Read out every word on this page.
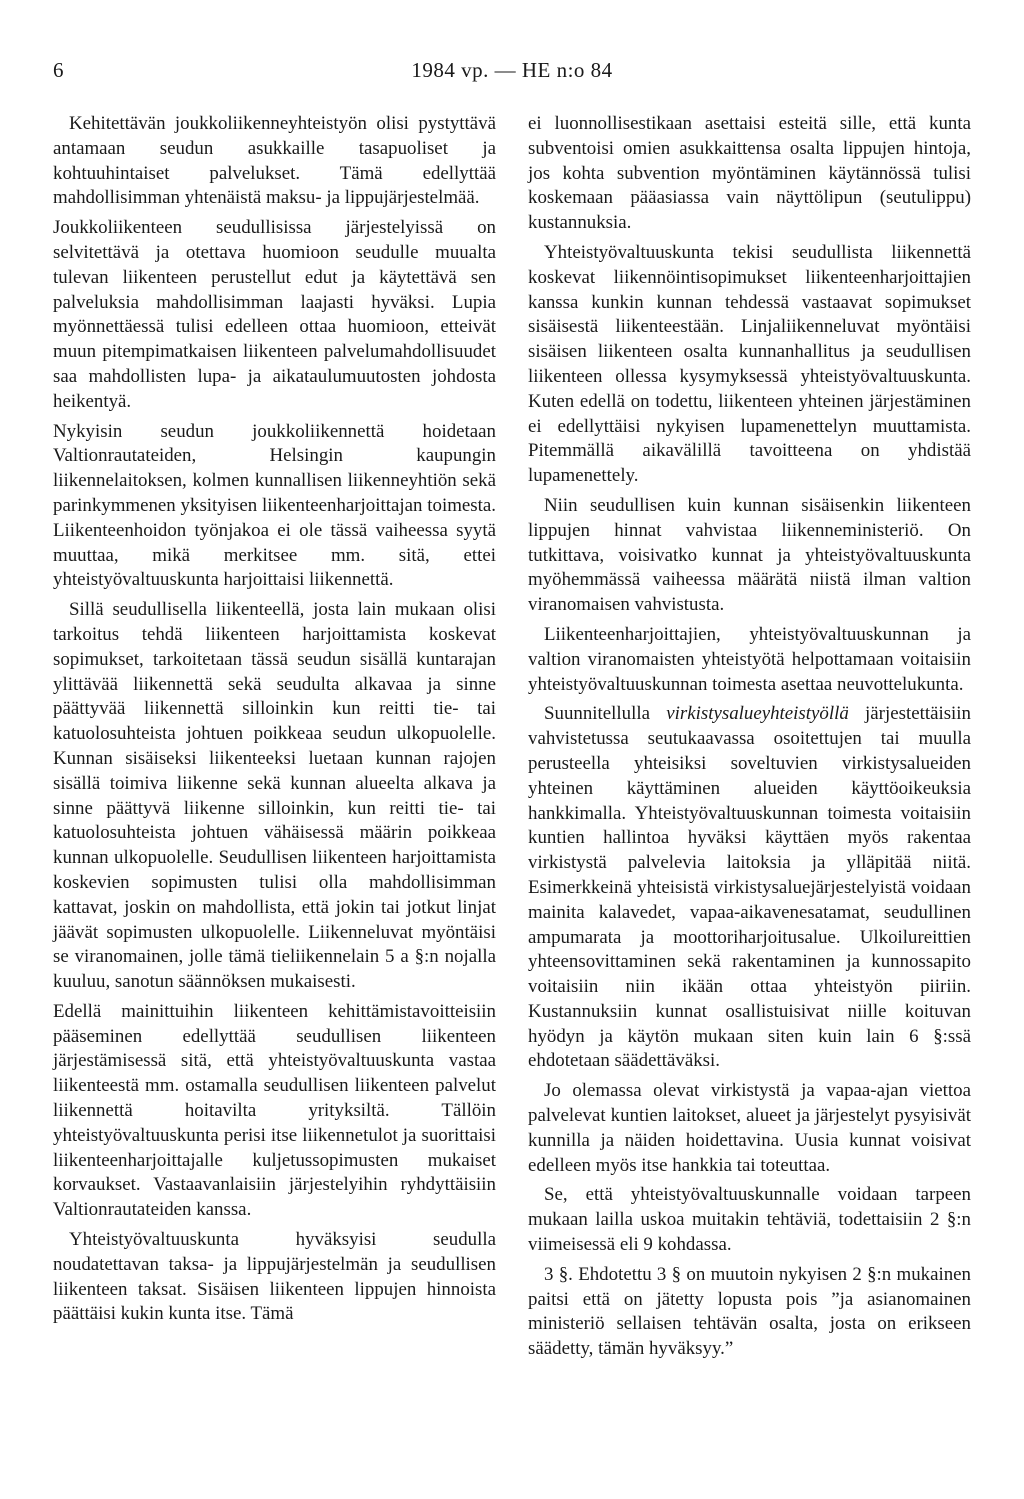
6	1984 vp. — HE n:o 84

Kehitettävän joukkoliikenneyhteistyön olisi pystyttävä antamaan seudun asukkaille tasapuoliset ja kohtuuhintaiset palvelukset. Tämä edellyttää mahdollisimman yhtenäistä maksu- ja lippujärjestelmää.

Joukkoliikenteen seudullisissa järjestelyissä on selvitettävä ja otettava huomioon seudulle muualta tulevan liikenteen perustellut edut ja käytettävä sen palveluksia mahdollisimman laajasti hyväksi. Lupia myönnettäessä tulisi edelleen ottaa huomioon, etteivät muun pitempimatkaisen liikenteen palvelumahdollisuudet saa mahdollisten lupa- ja aikataulumuutosten johdosta heikentyä.

Nykyisin seudun joukkoliikennettä hoidetaan Valtionrautateiden, Helsingin kaupungin liikennelaitoksen, kolmen kunnallisen liikenneyhtiön sekä parinkymmenen yksityisen liikenteenharjoittajan toimesta. Liikenteenhoidon työnjakoa ei ole tässä vaiheessa syytä muuttaa, mikä merkitsee mm. sitä, ettei yhteistyövaltuuskunta harjoittaisi liikennettä.

Sillä seudullisella liikenteellä, josta lain mukaan olisi tarkoitus tehdä liikenteen harjoittamista koskevat sopimukset, tarkoitetaan tässä seudun sisällä kuntarajan ylittävää liikennettä sekä seudulta alkavaa ja sinne päättyvää liikennettä silloinkin kun reitti tie- tai katuolosuhteista johtuen poikkeaa seudun ulkopuolelle. Kunnan sisäiseksi liikenteeksi luetaan kunnan rajojen sisällä toimiva liikenne sekä kunnan alueelta alkava ja sinne päättyvä liikenne silloinkin, kun reitti tie- tai katuolosuhteista johtuen vähäisessä määrin poikkeaa kunnan ulkopuolelle. Seudullisen liikenteen harjoittamista koskevien sopimusten tulisi olla mahdollisimman kattavat, joskin on mahdollista, että jokin tai jotkut linjat jäävät sopimusten ulkopuolelle. Liikenneluvat myöntäisi se viranomainen, jolle tämä tieliikennelain 5 a §:n nojalla kuuluu, sanotun säännöksen mukaisesti.

Edellä mainittuihin liikenteen kehittämistavoitteisiin pääseminen edellyttää seudullisen liikenteen järjestämisessä sitä, että yhteistyövaltuuskunta vastaa liikenteestä mm. ostamalla seudullisen liikenteen palvelut liikennettä hoitavilta yrityksiltä. Tällöin yhteistyövaltuuskunta perisi itse liikennetulot ja suorittaisi liikenteenharjoittajalle kuljetussopimusten mukaiset korvaukset. Vastaavanlaisiin järjestelyihin ryhdyttäisiin Valtionrautateiden kanssa.

Yhteistyövaltuuskunta hyväksyisi seudulla noudatettavan taksa- ja lippujärjestelmän ja seudullisen liikenteen taksat. Sisäisen liikenteen lippujen hinnoista päättäisi kukin kunta itse. Tämä

ei luonnollisestikaan asettaisi esteitä sille, että kunta subventoisi omien asukkaittensa osalta lippujen hintoja, jos kohta subvention myöntäminen käytännössä tulisi koskemaan pääasiassa vain näyttölipun (seutulippu) kustannuksia.

Yhteistyövaltuuskunta tekisi seudullista liikennettä koskevat liikennöintisopimukset liikenteenharjoittajien kanssa kunkin kunnan tehdessä vastaavat sopimukset sisäisestä liikenteestään. Linjaliikenneluvat myöntäisi sisäisen liikenteen osalta kunnanhallitus ja seudullisen liikenteen ollessa kysymyksessä yhteistyövaltuuskunta. Kuten edellä on todettu, liikenteen yhteinen järjestäminen ei edellyttäisi nykyisen lupamenettelyn muuttamista. Pitemmällä aikavälillä tavoitteena on yhdistää lupamenettely.

Niin seudullisen kuin kunnan sisäisenkin liikenteen lippujen hinnat vahvistaa liikenneministeriö. On tutkittava, voisivatko kunnat ja yhteistyövaltuuskunta myöhemmässä vaiheessa määrätä niistä ilman valtion viranomaisen vahvistusta.

Liikenteenharjoittajien, yhteistyövaltuuskunnan ja valtion viranomaisten yhteistyötä helpottamaan voitaisiin yhteistyövaltuuskunnan toimesta asettaa neuvottelukunta.

Suunnitellulla virkistysalueyhteistyöllä järjestettäisiin vahvistetussa seutukaavassa osoitettujen tai muulla perusteella yhteisiksi soveltuvien virkistysalueiden yhteinen käyttäminen alueiden käyttöoikeuksia hankkimalla. Yhteistyövaltuuskunnan toimesta voitaisiin kuntien hallintoa hyväksi käyttäen myös rakentaa virkistystä palvelevia laitoksia ja ylläpitää niitä. Esimerkkeinä yhteisistä virkistysaluejärjestelyistä voidaan mainita kalavedet, vapaa-aikavenesatamat, seudullinen ampumarata ja moottoriharjoitusalue. Ulkoilureittien yhteensovittaminen sekä rakentaminen ja kunnossapito voitaisiin niin ikään ottaa yhteistyön piiriin. Kustannuksiin kunnat osallistuisivat niille koituvan hyödyn ja käytön mukaan siten kuin lain 6 §:ssä ehdotetaan säädettäväksi.

Jo olemassa olevat virkistystä ja vapaa-ajan viettoa palvelevat kuntien laitokset, alueet ja järjestelyt pysyisivät kunnilla ja näiden hoidettavina. Uusia kunnat voisivat edelleen myös itse hankkia tai toteuttaa.

Se, että yhteistyövaltuuskunnalle voidaan tarpeen mukaan lailla uskoa muitakin tehtäviä, todettaisiin 2 §:n viimeisessä eli 9 kohdassa.

3 §. Ehdotettu 3 § on muutoin nykyisen 2 §:n mukainen paitsi että on jätetty lopusta pois ”ja asianomainen ministeriö sellaisen tehtävän osalta, josta on erikseen säädetty, tämän hyväksyy.”
